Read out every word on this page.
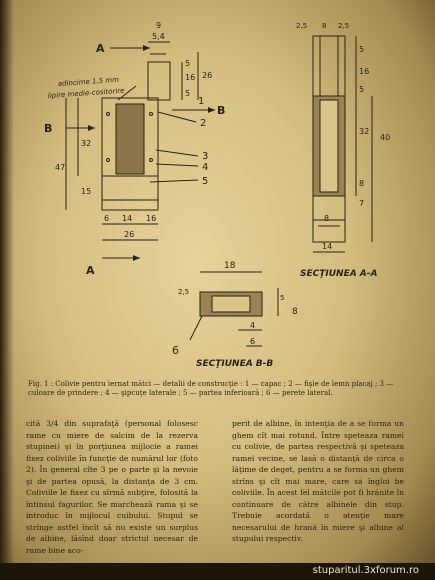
1
2
3
4
5
6
A
B
B
A
adincime 1,5 mm
lipire medie-cositorire
9
5,4
26
5
16
5
32
47
15
14
6
26
16
2,5 8 2,5
5
16
5
32
40
8
7
8
14
SECŢIUNEA A-A
18
2,5
5
8
4
6
SECŢIUNEA B-B
Fig. 1 : Colivie pentru iernat mătci — detalii de construcţie : 1 — capac ; 2 — fişie de lemn placaj ; 3 — culoare de prindere ; 4 — şipcuţe laterale ; 5 — partea inferioară ; 6 — perete lateral.
cită 3/4 din suprafaţă (personal folosesc rame cu miere de salcim de la rezerva stupinei) şi în porţiunea mijlocie a ramei fixez coliviile în funcţie de numărul lor (foto 2). În general cîte 3 pe o parte şi la nevoie şi de partea opusă, la distanţa de 3 cm. Coliviile le fixez cu sîrmă subţire, folosită la întinsul fagurilor. Se marchează rama şi se introduc în mijlocul cuibului. Stupul se strînge astfel încît să nu existe un surplus de albine, lăsînd doar strictul necesar de rame bine aco-
perit de albine, în intenţia de a se forma un ghem cît mai rotund. Între speteaza ramei cu colivie, de partea respectivă şi speteaza ramei vecine, se lasă o distanţă de circa o lăţime de deget, pentru a se forma un ghem strîns şi cît mai mare, care să îngloi be coliviile. În acest fel mătcile pot fi hrănite în continuare de către albinele din stup. Trebuie acordată o atenţie mare necesarului de hrană în miere şi albine al stupului respectiv.
stuparitul.3xforum.ro
